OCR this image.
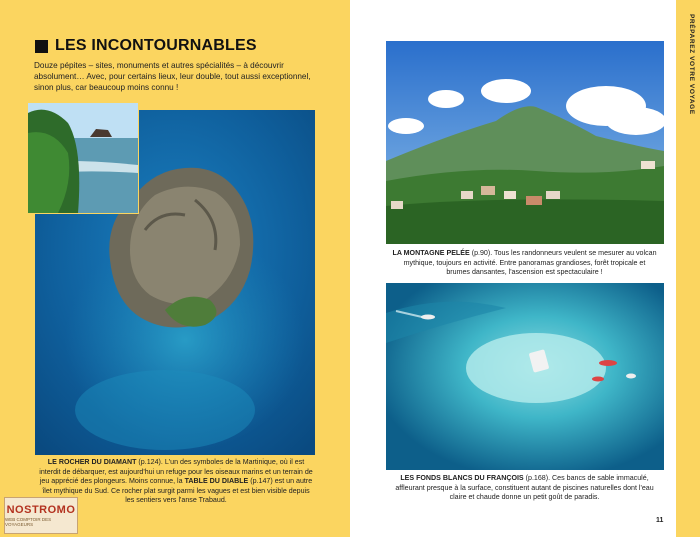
PRÉPAREZ VOTRE VOYAGE
LES INCONTOURNABLES
Douze pépites – sites, monuments et autres spécialités – à découvrir absolument… Avec, pour certains lieux, leur double, tout aussi exceptionnel, sinon plus, car beaucoup moins connu !
LE ROCHER DU DIAMANT (p.124). L'un des symboles de la Martinique, où il est interdit de débarquer, est aujourd'hui un refuge pour les oiseaux marins et un terrain de jeu apprécié des plongeurs. Moins connue, la TABLE DU DIABLE (p.147) est un autre îlet mythique du Sud. Ce rocher plat surgit parmi les vagues et est bien visible depuis les sentiers vers l'anse Trabaud.
LA MONTAGNE PELÉE (p.90). Tous les randonneurs veulent se mesurer au volcan mythique, toujours en activité. Entre panoramas grandioses, forêt tropicale et brumes dansantes, l'ascension est spectaculaire !
LES FONDS BLANCS DU FRANÇOIS (p.168). Ces bancs de sable immaculé, affleurant presque à la surface, constituent autant de piscines naturelles dont l'eau claire et chaude donne un petit goût de paradis.
11
NOSTROMO
WEB COMPTOIR DES VOYAGEURS
